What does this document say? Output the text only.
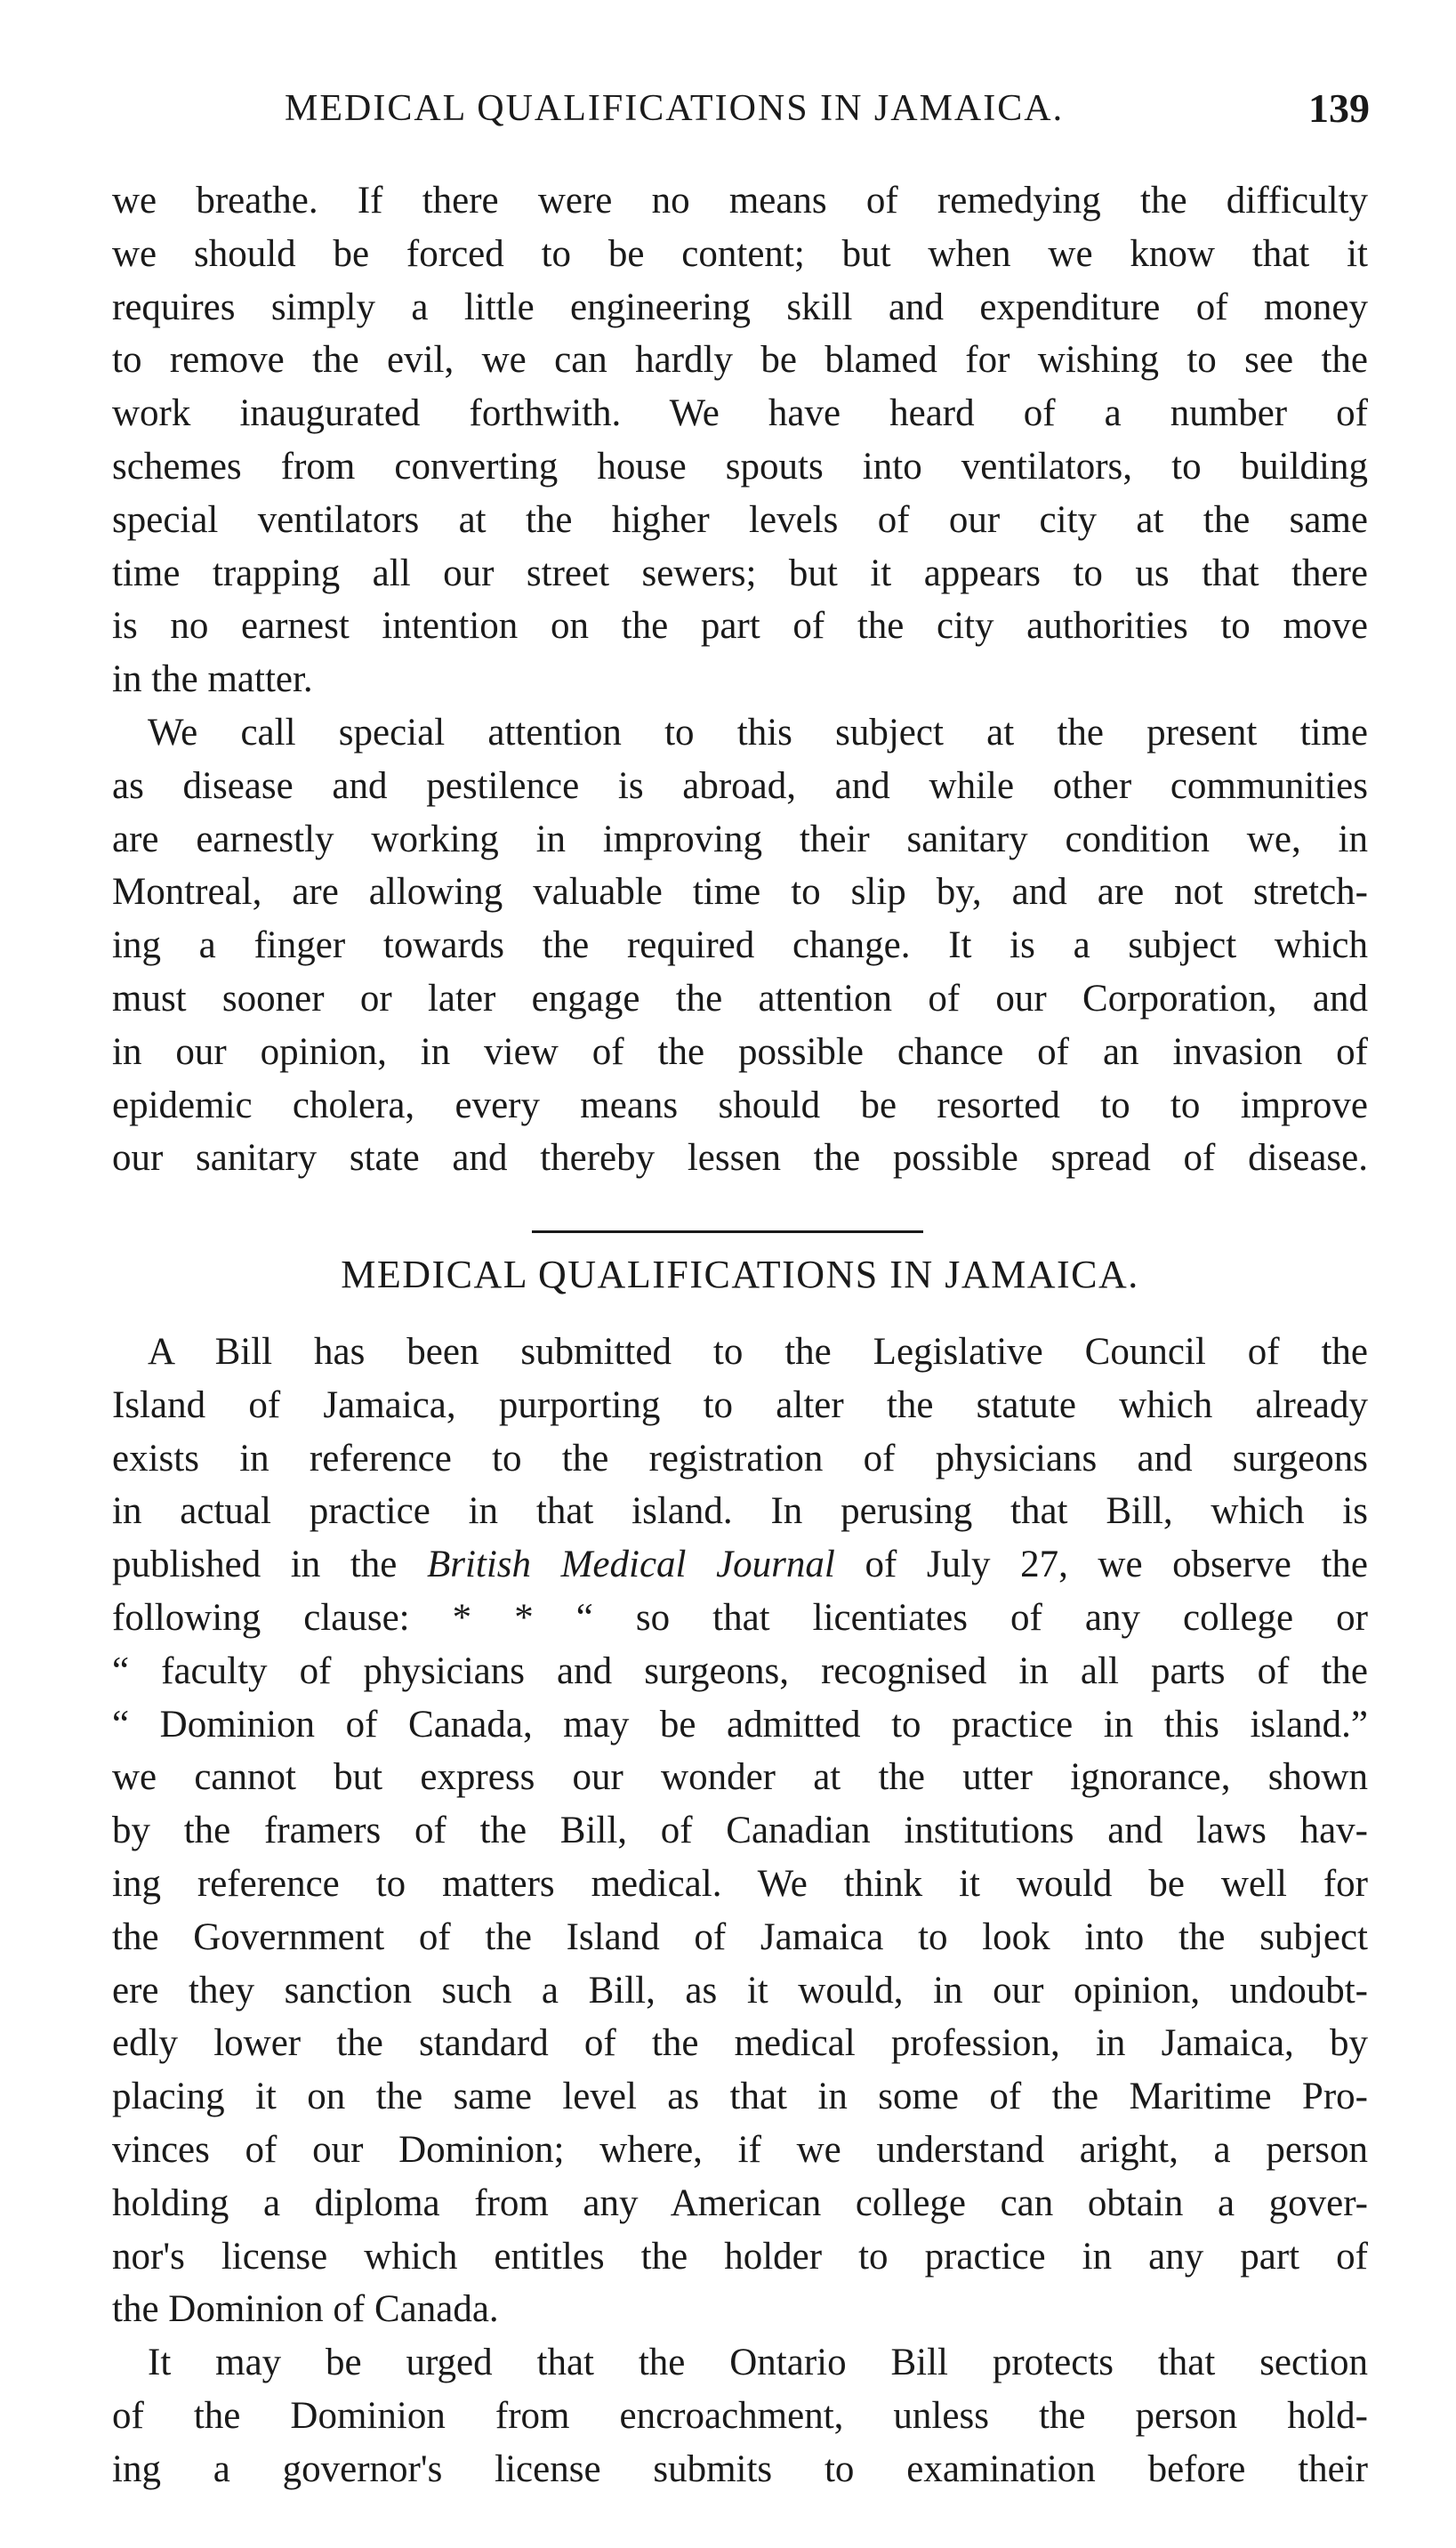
MEDICAL QUALIFICATIONS IN JAMAICA.	139
we breathe. If there were no means of remedying the difficulty
we should be forced to be content; but when we know that it
requires simply a little engineering skill and expenditure of money
to remove the evil, we can hardly be blamed for wishing to see the
work inaugurated forthwith. We have heard of a number of
schemes from converting house spouts into ventilators, to building
special ventilators at the higher levels of our city at the same
time trapping all our street sewers; but it appears to us that there
is no earnest intention on the part of the city authorities to move
in the matter.
We call special attention to this subject at the present time
as disease and pestilence is abroad, and while other communities
are earnestly working in improving their sanitary condition we, in
Montreal, are allowing valuable time to slip by, and are not stretch-
ing a finger towards the required change. It is a subject which
must sooner or later engage the attention of our Corporation, and
in our opinion, in view of the possible chance of an invasion of
epidemic cholera, every means should be resorted to to improve
our sanitary state and thereby lessen the possible spread of disease.
MEDICAL QUALIFICATIONS IN JAMAICA.
A Bill has been submitted to the Legislative Council of the
Island of Jamaica, purporting to alter the statute which already
exists in reference to the registration of physicians and surgeons
in actual practice in that island. In perusing that Bill, which is
published in the British Medical Journal of July 27, we observe the
following clause: * * “ so that licentiates of any college or
“ faculty of physicians and surgeons, recognised in all parts of the
“ Dominion of Canada, may be admitted to practice in this island.”
we cannot but express our wonder at the utter ignorance, shown
by the framers of the Bill, of Canadian institutions and laws hav-
ing reference to matters medical. We think it would be well for
the Government of the Island of Jamaica to look into the subject
ere they sanction such a Bill, as it would, in our opinion, undoubt-
edly lower the standard of the medical profession, in Jamaica, by
placing it on the same level as that in some of the Maritime Pro-
vinces of our Dominion; where, if we understand aright, a person
holding a diploma from any American college can obtain a gover-
nor's license which entitles the holder to practice in any part of
the Dominion of Canada.
It may be urged that the Ontario Bill protects that section
of the Dominion from encroachment, unless the person hold-
ing a governor's license submits to examination before their
